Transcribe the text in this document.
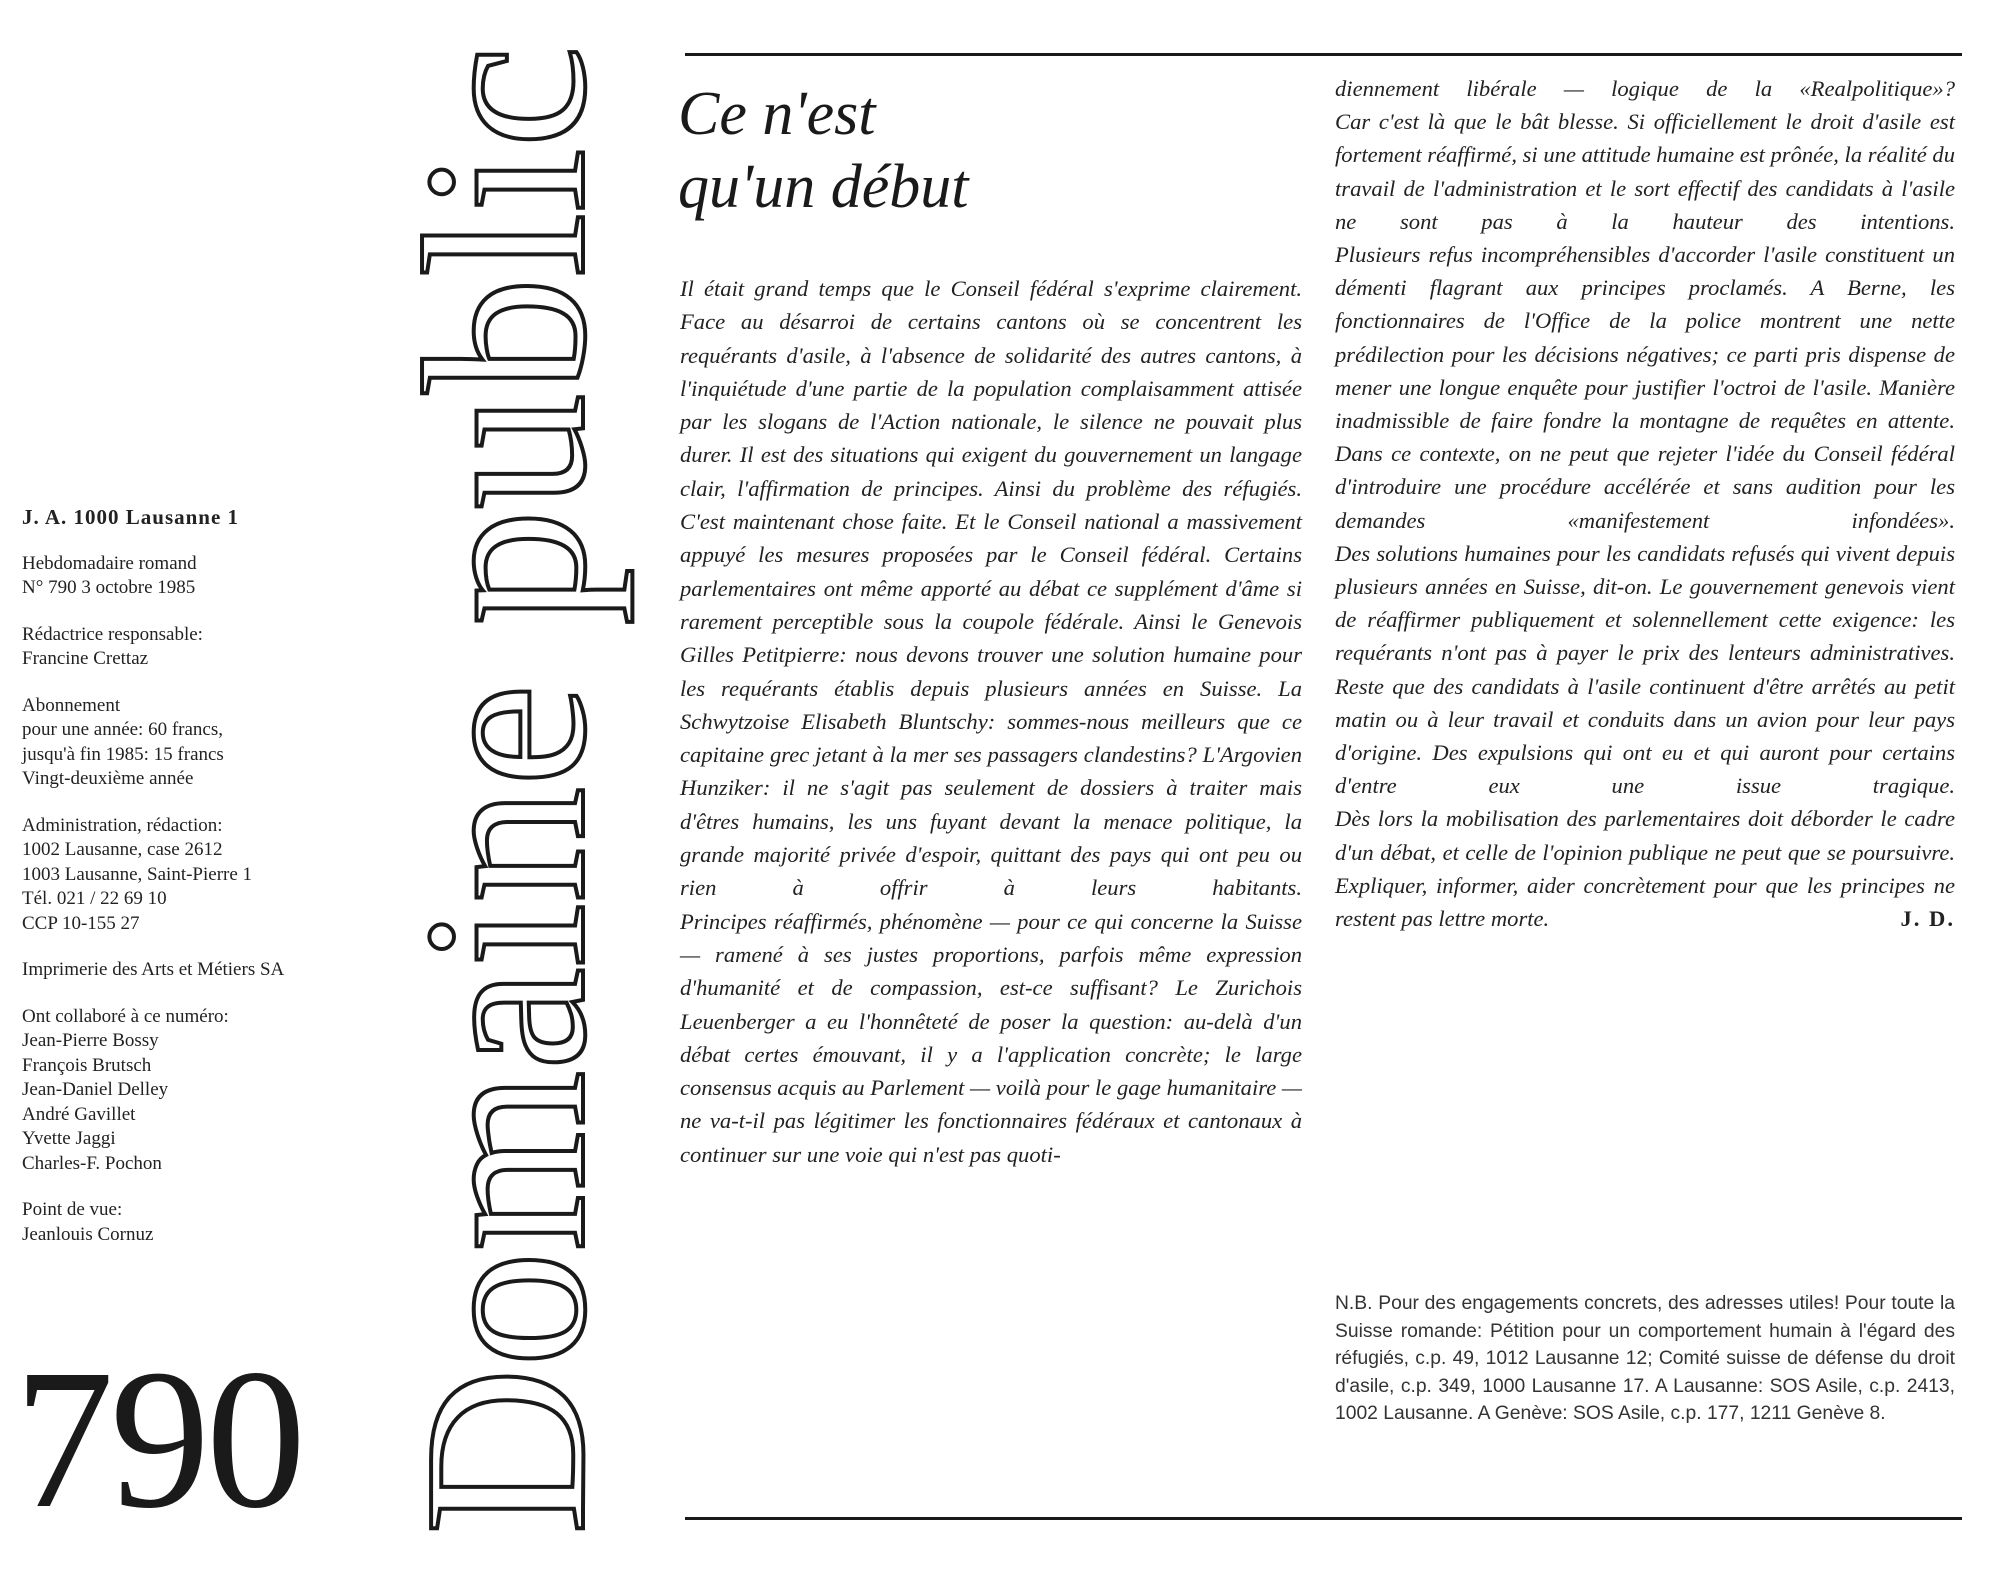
J. A. 1000 Lausanne 1
Hebdomadaire romand
N° 790 3 octobre 1985
Rédactrice responsable:
Francine Crettaz
Abonnement
pour une année: 60 francs,
jusqu'à fin 1985: 15 francs
Vingt-deuxième année
Administration, rédaction:
1002 Lausanne, case 2612
1003 Lausanne, Saint-Pierre 1
Tél. 021 / 22 69 10
CCP 10-155 27
Imprimerie des Arts et Métiers SA
Ont collaboré à ce numéro:
Jean-Pierre Bossy
François Brutsch
Jean-Daniel Delley
André Gavillet
Yvette Jaggi
Charles-F. Pochon
Point de vue:
Jeanlouis Cornuz
790 Domaine public Ce n'est
qu'un début

Il était grand temps que le Conseil fédéral s'exprime clairement. Face au désarroi de certains cantons où se concentrent les requérants d'asile, à l'absence de solidarité des autres cantons, à l'inquiétude d'une partie de la population complaisamment attisée par les slogans de l'Action nationale, le silence ne pouvait plus durer. Il est des situations qui exigent du gouvernement un langage clair, l'affirmation de principes. Ainsi du problème des réfugiés.

C'est maintenant chose faite. Et le Conseil national a massivement appuyé les mesures proposées par le Conseil fédéral. Certains parlementaires ont même apporté au débat ce supplément d'âme si rarement perceptible sous la coupole fédérale. Ainsi le Genevois Gilles Petitpierre: nous devons trouver une solution humaine pour les requérants établis depuis plusieurs années en Suisse. La Schwytzoise Elisabeth Bluntschy: sommes-nous meilleurs que ce capitaine grec jetant à la mer ses passagers clandestins? L'Argovien Hunziker: il ne s'agit pas seulement de dossiers à traiter mais d'êtres humains, les uns fuyant devant la menace politique, la grande majorité privée d'espoir, quittant des pays qui ont peu ou rien à offrir à leurs habitants.

Principes réaffirmés, phénomène — pour ce qui concerne la Suisse — ramené à ses justes proportions, parfois même expression d'humanité et de compassion, est-ce suffisant? Le Zurichois Leuenberger a eu l'honnêteté de poser la question: au-delà d'un débat certes émouvant, il y a l'application concrète; le large consensus acquis au Parlement — voilà pour le gage humanitaire — ne va-t-il pas légitimer les fonctionnaires fédéraux et cantonaux à continuer sur une voie qui n'est pas quoti-

diennement libérale — logique de la «Realpolitique»?

Car c'est là que le bât blesse. Si officiellement le droit d'asile est fortement réaffirmé, si une attitude humaine est prônée, la réalité du travail de l'administration et le sort effectif des candidats à l'asile ne sont pas à la hauteur des intentions.

Plusieurs refus incompréhensibles d'accorder l'asile constituent un démenti flagrant aux principes proclamés. A Berne, les fonctionnaires de l'Office de la police montrent une nette prédilection pour les décisions négatives; ce parti pris dispense de mener une longue enquête pour justifier l'octroi de l'asile. Manière inadmissible de faire fondre la montagne de requêtes en attente.

Dans ce contexte, on ne peut que rejeter l'idée du Conseil fédéral d'introduire une procédure accélérée et sans audition pour les demandes «manifestement infondées».

Des solutions humaines pour les candidats refusés qui vivent depuis plusieurs années en Suisse, dit-on. Le gouvernement genevois vient de réaffirmer publiquement et solennellement cette exigence: les requérants n'ont pas à payer le prix des lenteurs administratives. Reste que des candidats à l'asile continuent d'être arrêtés au petit matin ou à leur travail et conduits dans un avion pour leur pays d'origine. Des expulsions qui ont eu et qui auront pour certains d'entre eux une issue tragique.

Dès lors la mobilisation des parlementaires doit déborder le cadre d'un débat, et celle de l'opinion publique ne peut que se poursuivre. Expliquer, informer, aider concrètement pour que les principes ne restent pas lettre morte.	J. D.

N.B. Pour des engagements concrets, des adresses utiles! Pour toute la Suisse romande: Pétition pour un comportement humain à l'égard des réfugiés, c.p. 49, 1012 Lausanne 12; Comité suisse de défense du droit d'asile, c.p. 349, 1000 Lausanne 17. A Lausanne: SOS Asile, c.p. 2413, 1002 Lausanne. A Genève: SOS Asile, c.p. 177, 1211 Genève 8.
